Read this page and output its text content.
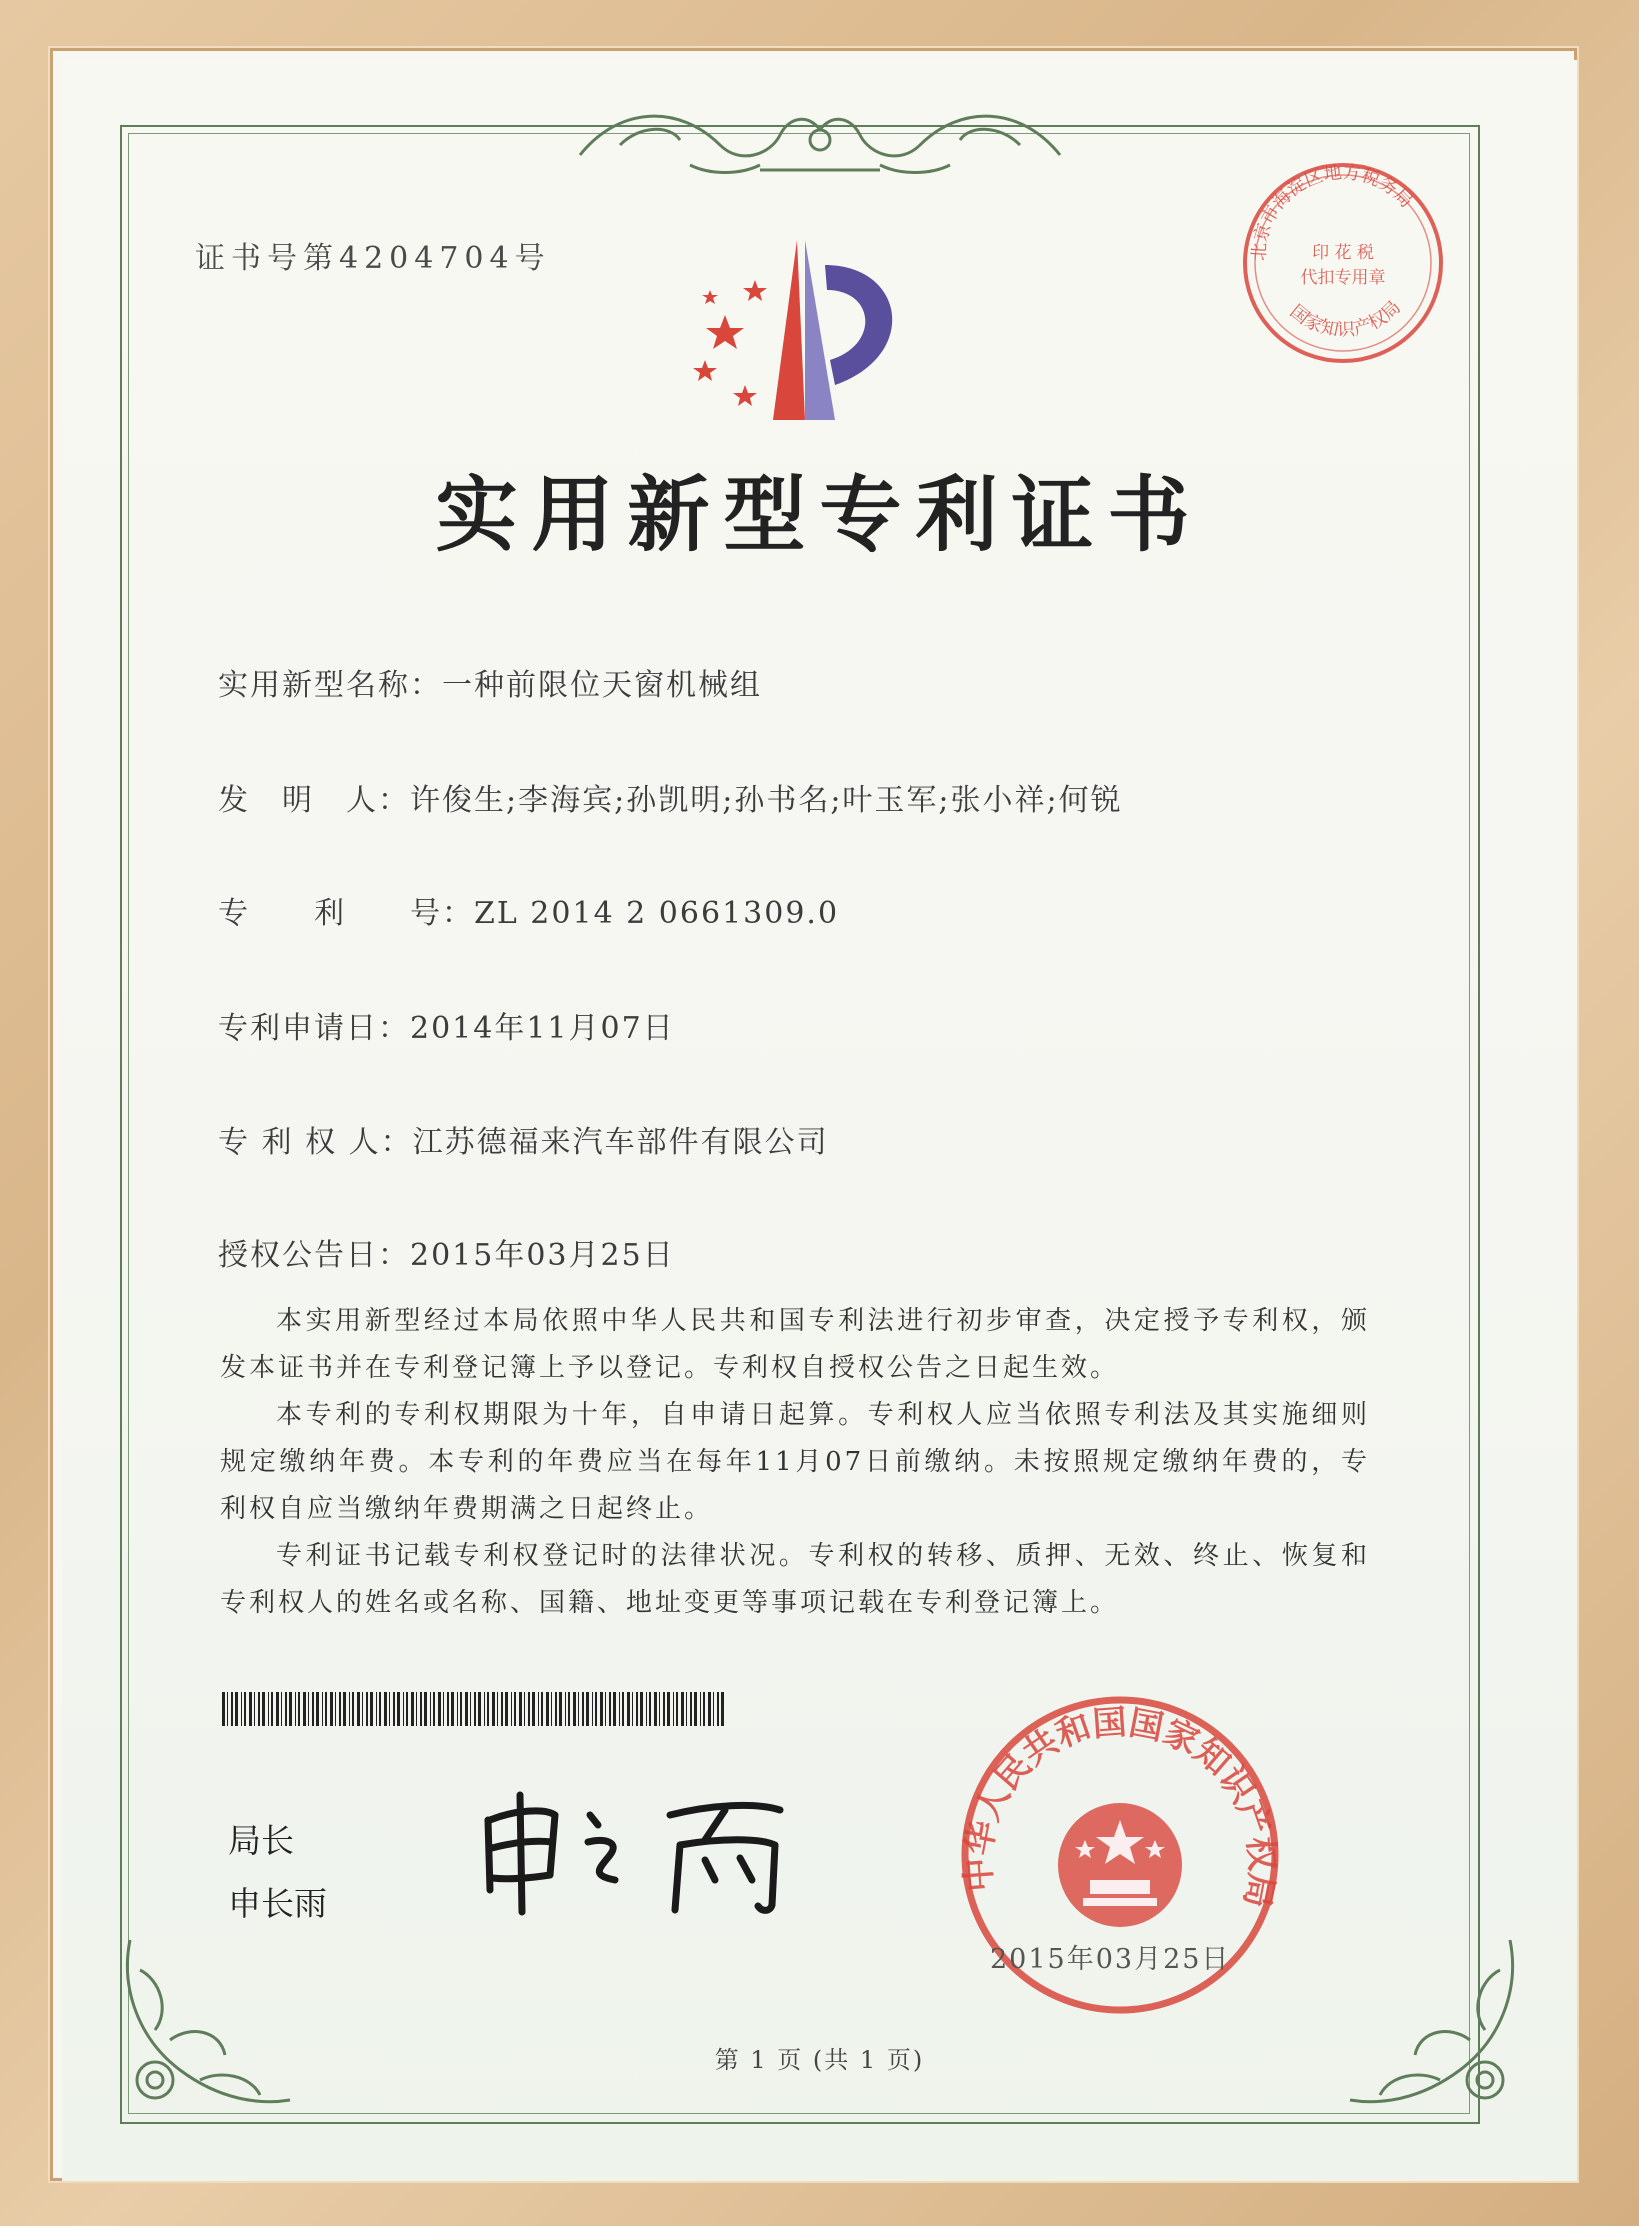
证书号第4204704号	北京市海淀区地方税务局
印 花 税
代扣专用章
国家知识产权局
实用新型专利证书
实用新型名称：一种前限位天窗机械组
发　明　人：许俊生;李海宾;孙凯明;孙书名;叶玉军;张小祥;何锐
专　　利　　号：ZL 2014 2 0661309.0
专利申请日：2014年11月07日
专 利 权 人：江苏德福来汽车部件有限公司
授权公告日：2015年03月25日

本实用新型经过本局依照中华人民共和国专利法进行初步审查，决定授予专利权，颁发本证书并在专利登记簿上予以登记。专利权自授权公告之日起生效。

本专利的专利权期限为十年，自申请日起算。专利权人应当依照专利法及其实施细则规定缴纳年费。本专利的年费应当在每年11月07日前缴纳。未按照规定缴纳年费的，专利权自应当缴纳年费期满之日起终止。

专利证书记载专利权登记时的法律状况。专利权的转移、质押、无效、终止、恢复和专利权人的姓名或名称、国籍、地址变更等事项记载在专利登记簿上。

局长
申长雨
中华人民共和国国家知识产权局
2015年03月25日
第 1 页 (共 1 页)
